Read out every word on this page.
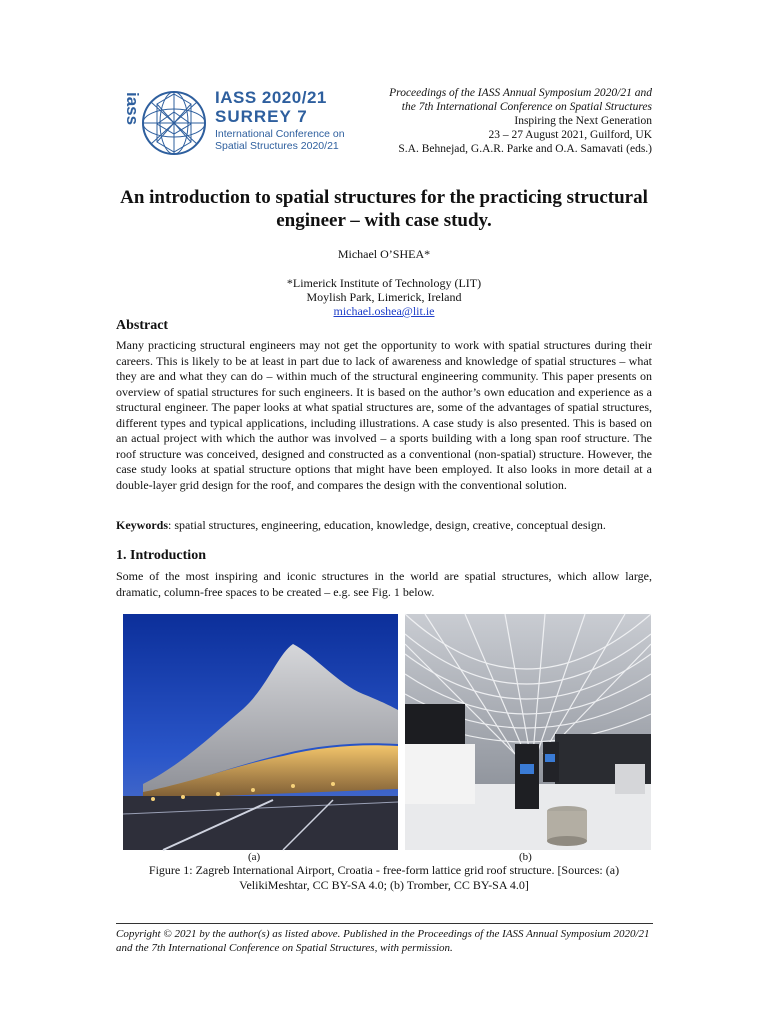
iass	IASS 2020/21
SURREY 7
International Conference on
Spatial Structures 2020/21
Proceedings of the IASS Annual Symposium 2020/21 and
the 7th International Conference on Spatial Structures
Inspiring the Next Generation
23 – 27 August 2021, Guilford, UK
S.A. Behnejad, G.A.R. Parke and O.A. Samavati (eds.)
An introduction to spatial structures for the practicing structural
engineer – with case study.
Michael O’SHEA*
*Limerick Institute of Technology (LIT)
Moylish Park, Limerick, Ireland
michael.oshea@lit.ie
Abstract
Many practicing structural engineers may not get the opportunity to work with spatial structures during their careers. This is likely to be at least in part due to lack of awareness and knowledge of spatial structures – what they are and what they can do – within much of the structural engineering community. This paper presents on overview of spatial structures for such engineers. It is based on the author’s own education and experience as a structural engineer. The paper looks at what spatial structures are, some of the advantages of spatial structures, different types and typical applications, including illustrations. A case study is also presented. This is based on an actual project with which the author was involved – a sports building with a long span roof structure. The roof structure was conceived, designed and constructed as a conventional (non-spatial) structure. However, the case study looks at spatial structure options that might have been employed. It also looks in more detail at a double-layer grid design for the roof, and compares the design with the conventional solution.
Keywords: spatial structures, engineering, education, knowledge, design, creative, conceptual design.
1. Introduction
Some of the most inspiring and iconic structures in the world are spatial structures, which allow large, dramatic, column-free spaces to be created – e.g. see Fig. 1 below.
(a)	(b)
Figure 1: Zagreb International Airport, Croatia - free-form lattice grid roof structure. [Sources: (a)
VelikiMeshtar, CC BY-SA 4.0; (b) Tromber, CC BY-SA 4.0]
Copyright © 2021 by the author(s) as listed above. Published in the Proceedings of the IASS Annual Symposium 2020/21 and the 7th International Conference on Spatial Structures, with permission.
